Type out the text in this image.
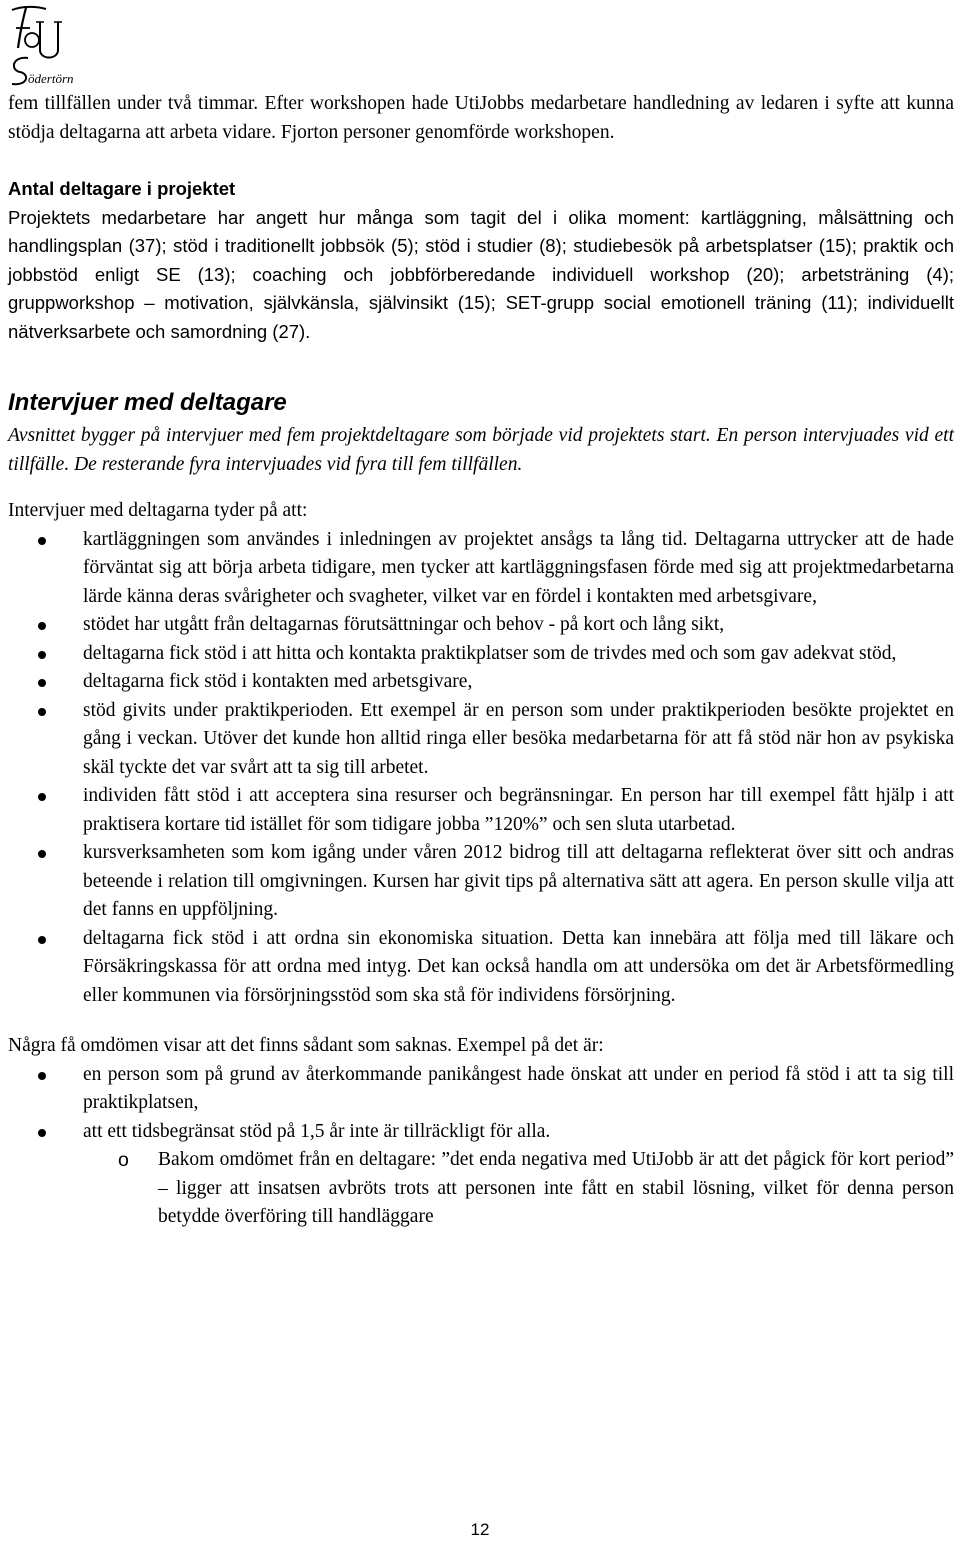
ödertörn

fem tillfällen under två timmar. Efter workshopen hade UtiJobbs medarbetare handledning av ledaren i syfte att kunna stödja deltagarna att arbeta vidare. Fjorton personer genomförde workshopen.

Antal deltagare i projektet

Projektets medarbetare har angett hur många som tagit del i olika moment: kartläggning, målsättning och handlingsplan (37); stöd i traditionellt jobbsök (5); stöd i studier (8); studiebesök på arbetsplatser (15); praktik och jobbstöd enligt SE (13); coaching och jobbförberedande individuell workshop (20); arbetsträning (4); gruppworkshop – motivation, självkänsla, självinsikt (15); SET-grupp social emotionell träning (11); individuellt nätverksarbete och samordning (27).

Intervjuer med deltagare

Avsnittet bygger på intervjuer med fem projektdeltagare som började vid projektets start. En person intervjuades vid ett tillfälle. De resterande fyra intervjuades vid fyra till fem tillfällen.

Intervjuer med deltagarna tyder på att:

kartläggningen som användes i inledningen av projektet ansågs ta lång tid. Deltagarna uttrycker att de hade förväntat sig att börja arbeta tidigare, men tycker att kartläggningsfasen förde med sig att projektmedarbetarna lärde känna deras svårigheter och svagheter, vilket var en fördel i kontakten med arbetsgivare,
stödet har utgått från deltagarnas förutsättningar och behov - på kort och lång sikt,
deltagarna fick stöd i att hitta och kontakta praktikplatser som de trivdes med och som gav adekvat stöd,
deltagarna fick stöd i kontakten med arbetsgivare,
stöd givits under praktikperioden. Ett exempel är en person som under praktikperioden besökte projektet en gång i veckan. Utöver det kunde hon alltid ringa eller besöka medarbetarna för att få stöd när hon av psykiska skäl tyckte det var svårt att ta sig till arbetet.
individen fått stöd i att acceptera sina resurser och begränsningar. En person har till exempel fått hjälp i att praktisera kortare tid istället för som tidigare jobba ”120%” och sen sluta utarbetad.
kursverksamheten som kom igång under våren 2012 bidrog till att deltagarna reflekterat över sitt och andras beteende i relation till omgivningen. Kursen har givit tips på alternativa sätt att agera. En person skulle vilja att det fanns en uppföljning.
deltagarna fick stöd i att ordna sin ekonomiska situation. Detta kan innebära att följa med till läkare och Försäkringskassa för att ordna med intyg. Det kan också handla om att undersöka om det är Arbetsförmedling eller kommunen via försörjningsstöd som ska stå för individens försörjning.

Några få omdömen visar att det finns sådant som saknas. Exempel på det är:

en person som på grund av återkommande panikångest hade önskat att under en period få stöd i att ta sig till praktikplatsen,
att ett tidsbegränsat stöd på 1,5 år inte är tillräckligt för alla.
o Bakom omdömet från en deltagare: ”det enda negativa med UtiJobb är att det pågick för kort period” – ligger att insatsen avbröts trots att personen inte fått en stabil lösning, vilket för denna person betydde överföring till handläggare
12
